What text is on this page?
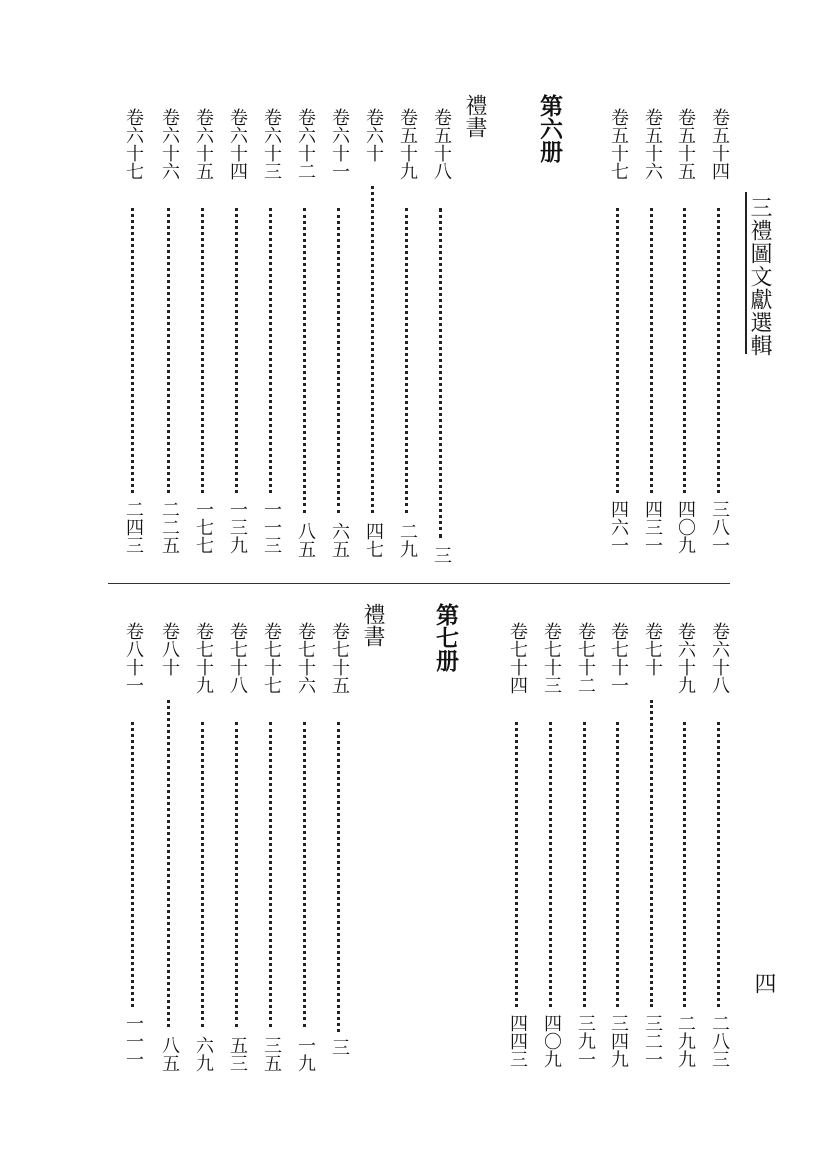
三禮圖文獻選輯
四
卷五十四
三八一
卷五十五
四〇九
卷五十六
四三一
卷五十七
四六一
第六册
禮書
卷五十八
三
卷五十九
二九
卷六十
四七
卷六十一
六五
卷六十二
八五
卷六十三
一一三
卷六十四
一三九
卷六十五
一七七
卷六十六
二二五
卷六十七
二四三
卷六十八
二八三
卷六十九
二九九
卷七十
三二一
卷七十一
三四九
卷七十二
三九一
卷七十三
四〇九
卷七十四
四四三
第七册
禮書
卷七十五
三
卷七十六
一九
卷七十七
三五
卷七十八
五三
卷七十九
六九
卷八十
八五
卷八十一
一一一
